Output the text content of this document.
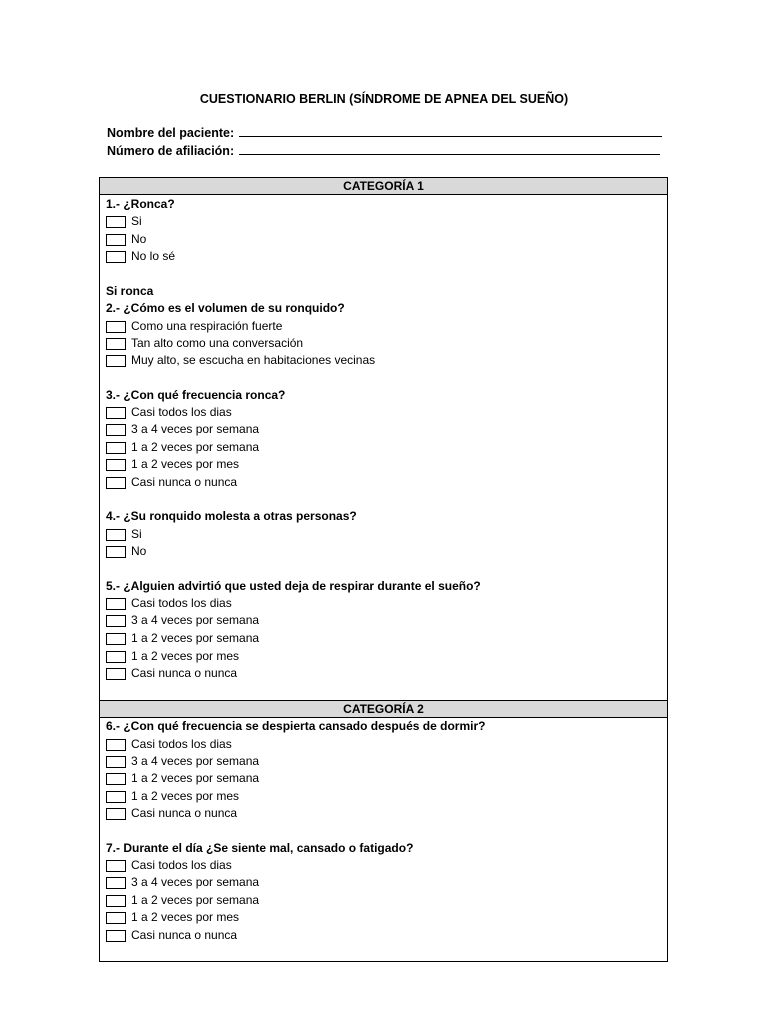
CUESTIONARIO BERLIN (SÍNDROME DE APNEA DEL SUEÑO)
Nombre del paciente:
Número de afiliación:
CATEGORÍA 1
1.- ¿Ronca?
Si
No
No lo sé
Si ronca
2.- ¿Cómo es el volumen de su ronquido?
Como una respiración fuerte
Tan alto como una conversación
Muy alto, se escucha en habitaciones vecinas
3.- ¿Con qué frecuencia ronca?
Casi todos los dias
3 a 4 veces por semana
1 a 2 veces por semana
1 a 2 veces por mes
Casi nunca o nunca
4.- ¿Su ronquido molesta a otras personas?
Si
No
5.- ¿Alguien advirtió que usted deja de respirar durante el sueño?
Casi todos los dias
3 a 4 veces por semana
1 a 2 veces por semana
1 a 2 veces por mes
Casi nunca o nunca
CATEGORÍA 2
6.- ¿Con qué frecuencia se despierta cansado después de dormir?
Casi todos los dias
3 a 4 veces por semana
1 a 2 veces por semana
1 a 2 veces por mes
Casi nunca o nunca
7.- Durante el día ¿Se siente mal, cansado o fatigado?
Casi todos los dias
3 a 4 veces por semana
1 a 2 veces por semana
1 a 2 veces por mes
Casi nunca o nunca
